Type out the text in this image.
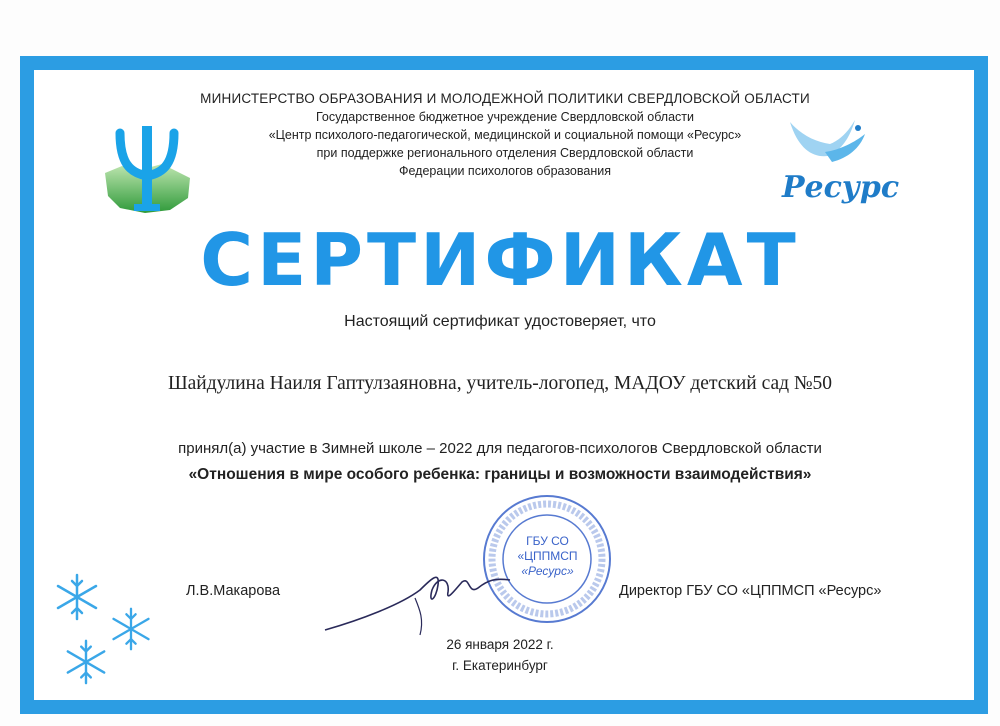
МИНИСТЕРСТВО ОБРАЗОВАНИЯ И МОЛОДЕЖНОЙ ПОЛИТИКИ СВЕРДЛОВСКОЙ ОБЛАСТИ
Государственное бюджетное учреждение Свердловской области
«Центр психолого-педагогической, медицинской и социальной помощи «Ресурс»
при поддержке регионального отделения Свердловской области
Федерации психологов образования	Ресурс
СЕРТИФИКАТ
Настоящий сертификат удостоверяет, что
Шайдулина Наиля Гаптулзаяновна, учитель-логопед, МАДОУ детский сад №50
принял(а) участие в Зимней школе – 2022 для педагогов-психологов Свердловской области
«Отношения в мире особого ребенка: границы и возможности взаимодействия»
ГБУ СО
«ЦППМСП
«Ресурс»
Л.В.Макарова	Директор ГБУ СО «ЦППМСП «Ресурс»
26 января 2022 г.
г. Екатеринбург
